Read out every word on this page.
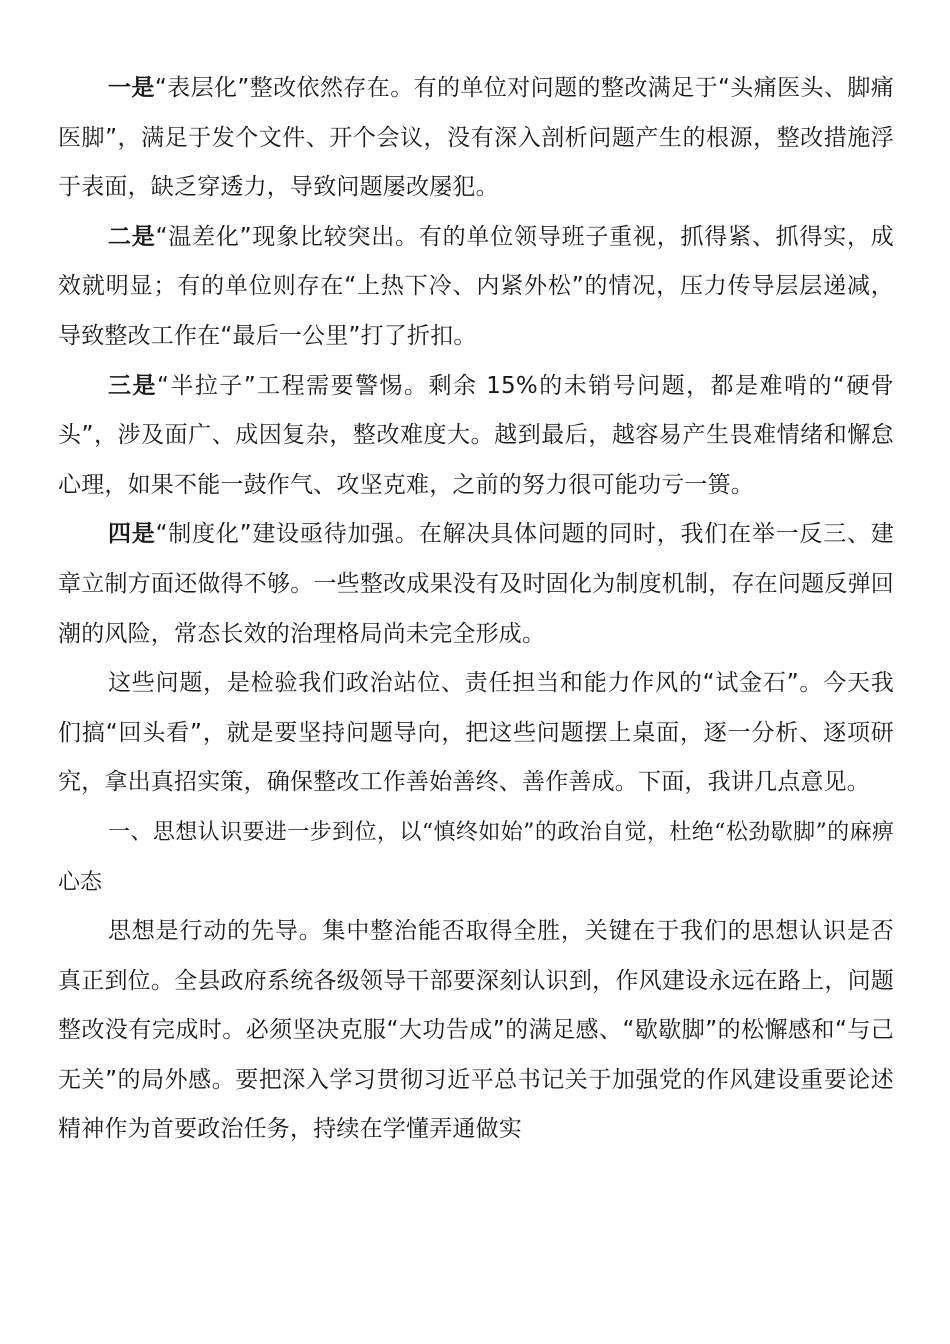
一是“表层化”整改依然存在。有的单位对问题的整改满足于“头痛医头、脚痛医脚”，满足于发个文件、开个会议，没有深入剖析问题产生的根源，整改措施浮于表面，缺乏穿透力，导致问题屡改屡犯。

二是“温差化”现象比较突出。有的单位领导班子重视，抓得紧、抓得实，成效就明显；有的单位则存在“上热下冷、内紧外松”的情况，压力传导层层递减，导致整改工作在“最后一公里”打了折扣。

三是“半拉子”工程需要警惕。剩余 15%的未销号问题，都是难啃的“硬骨头”，涉及面广、成因复杂，整改难度大。越到最后，越容易产生畏难情绪和懈怠心理，如果不能一鼓作气、攻坚克难，之前的努力很可能功亏一篑。

四是“制度化”建设亟待加强。在解决具体问题的同时，我们在举一反三、建章立制方面还做得不够。一些整改成果没有及时固化为制度机制，存在问题反弹回潮的风险，常态长效的治理格局尚未完全形成。

这些问题，是检验我们政治站位、责任担当和能力作风的“试金石”。今天我们搞“回头看”，就是要坚持问题导向，把这些问题摆上桌面，逐一分析、逐项研究，拿出真招实策，确保整改工作善始善终、善作善成。下面，我讲几点意见。

一、思想认识要进一步到位，以“慎终如始”的政治自觉，杜绝“松劲歇脚”的麻痹心态

思想是行动的先导。集中整治能否取得全胜，关键在于我们的思想认识是否真正到位。全县政府系统各级领导干部要深刻认识到，作风建设永远在路上，问题整改没有完成时。必须坚决克服“大功告成”的满足感、“歇歇脚”的松懈感和“与己无关”的局外感。要把深入学习贯彻习近平总书记关于加强党的作风建设重要论述精神作为首要政治任务，持续在学懂弄通做实
